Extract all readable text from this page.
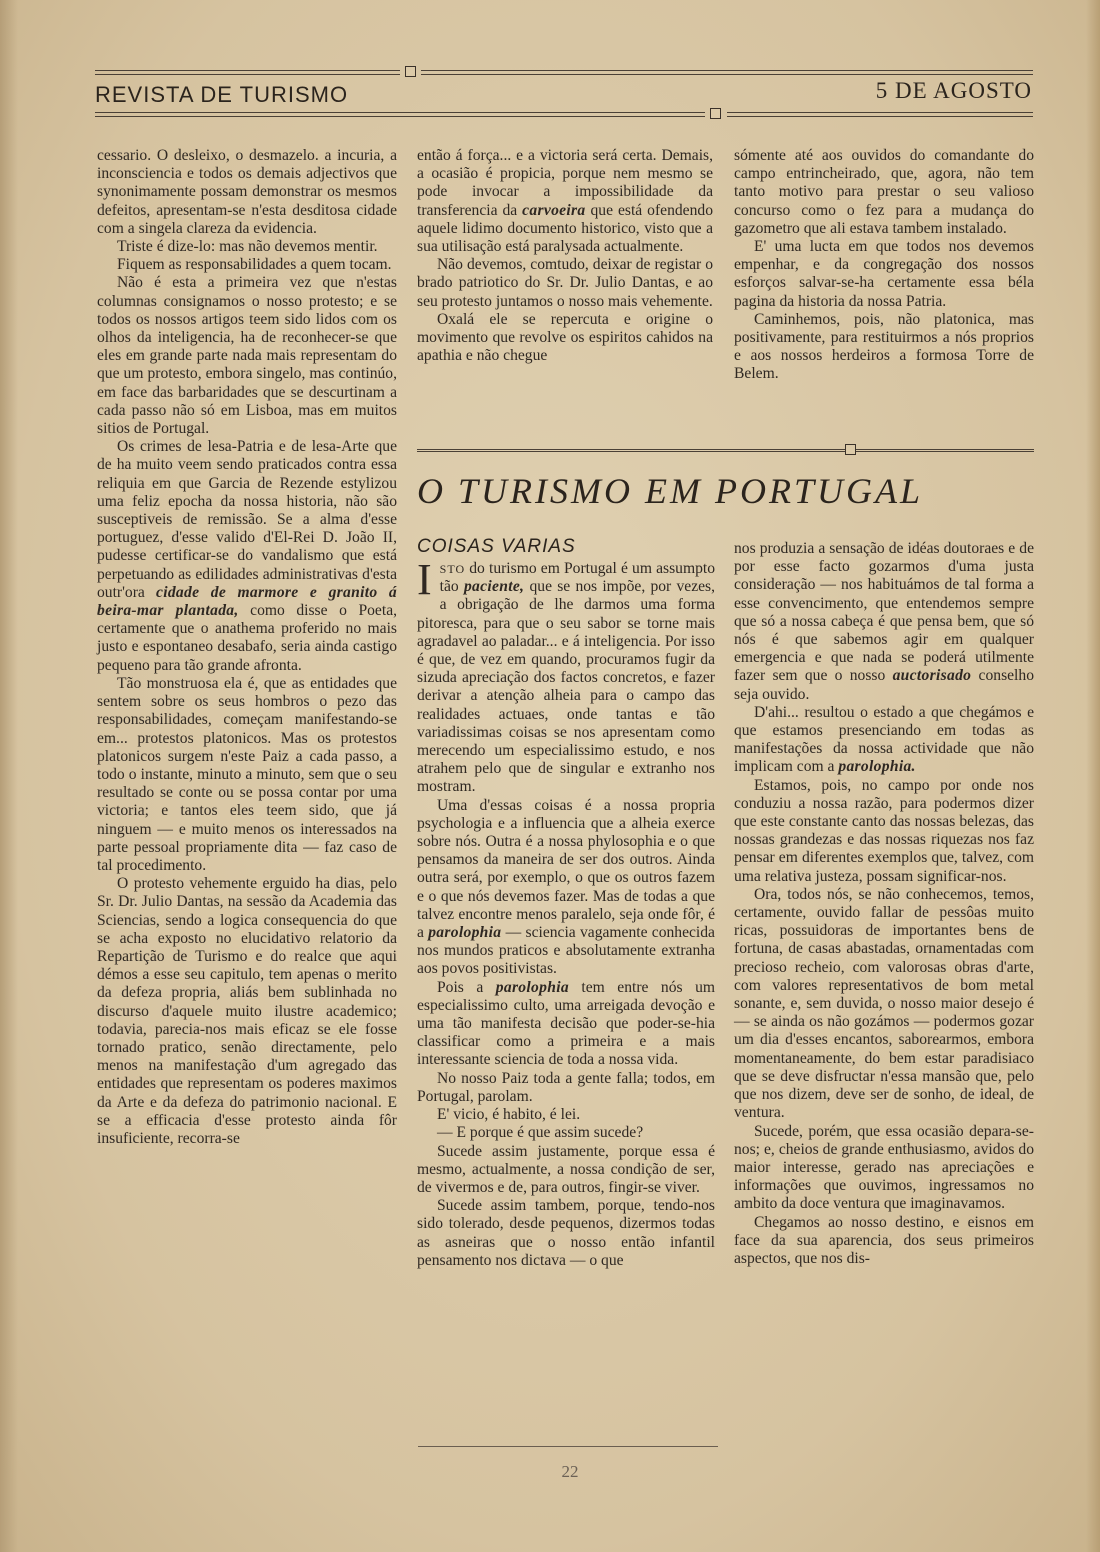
REVISTA DE TURISMO	5 DE AGOSTO

cessario. O desleixo, o desmazelo. a incuria, a inconsciencia e todos os demais adjectivos que synonimamente possam demonstrar os mesmos defeitos, apresentam-se n'esta desditosa cidade com a singela clareza da evidencia.

Triste é dize-lo: mas não devemos mentir.

Fiquem as responsabilidades a quem tocam.

Não é esta a primeira vez que n'estas columnas consignamos o nosso protesto; e se todos os nossos artigos teem sido lidos com os olhos da inteligencia, ha de reconhecer-se que eles em grande parte nada mais representam do que um protesto, embora singelo, mas continúo, em face das barbaridades que se descurtinam a cada passo não só em Lisboa, mas em muitos sitios de Portugal.

Os crimes de lesa-Patria e de lesa-Arte que de ha muito veem sendo praticados contra essa reliquia em que Garcia de Rezende estylizou uma feliz epocha da nossa historia, não são susceptiveis de remissão. Se a alma d'esse portuguez, d'esse valido d'El-Rei D. João II, pudesse certificar-se do vandalismo que está perpetuando as edilidades administrativas d'esta outr'ora cidade de marmore e granito á beira-mar plantada, como disse o Poeta, certamente que o anathema proferido no mais justo e espontaneo desabafo, seria ainda castigo pequeno para tão grande afronta.

Tão monstruosa ela é, que as entidades que sentem sobre os seus hombros o pezo das responsabilidades, começam manifestando-se em... protestos platonicos. Mas os protestos platonicos surgem n'este Paiz a cada passo, a todo o instante, minuto a minuto, sem que o seu resultado se conte ou se possa contar por uma victoria; e tantos eles teem sido, que já ninguem — e muito menos os interessados na parte pessoal propriamente dita — faz caso de tal procedimento.

O protesto vehemente erguido ha dias, pelo Sr. Dr. Julio Dantas, na sessão da Academia das Sciencias, sendo a logica consequencia do que se acha exposto no elucidativo relatorio da Repartição de Turismo e do realce que aqui démos a esse seu capitulo, tem apenas o merito da defeza propria, aliás bem sublinhada no discurso d'aquele muito ilustre academico; todavia, parecia-nos mais eficaz se ele fosse tornado pratico, senão directamente, pelo menos na manifestação d'um agregado das entidades que representam os poderes maximos da Arte e da defeza do patrimonio nacional. E se a efficacia d'esse protesto ainda fôr insuficiente, recorra-se

então á força... e a victoria será certa. Demais, a ocasião é propicia, porque nem mesmo se pode invocar a impossibilidade da transferencia da carvoeira que está ofendendo aquele lidimo documento historico, visto que a sua utilisação está paralysada actualmente.

Não devemos, comtudo, deixar de registar o brado patriotico do Sr. Dr. Julio Dantas, e ao seu protesto juntamos o nosso mais vehemente.

Oxalá ele se repercuta e origine o movimento que revolve os espiritos cahidos na apathia e não chegue

sómente até aos ouvidos do comandante do campo entrincheirado, que, agora, não tem tanto motivo para prestar o seu valioso concurso como o fez para a mudança do gazometro que ali estava tambem instalado.

E' uma lucta em que todos nos devemos empenhar, e da congregação dos nossos esforços salvar-se-ha certamente essa béla pagina da historia da nossa Patria.

Caminhemos, pois, não platonica, mas positivamente, para restituirmos a nós proprios e aos nossos herdeiros a formosa Torre de Belem.

O TURISMO EM PORTUGAL
COISAS VARIAS

ISTO do turismo em Portugal é um assumpto tão paciente, que se nos impõe, por vezes, a obrigação de lhe darmos uma forma pitoresca, para que o seu sabor se torne mais agradavel ao paladar... e á inteligencia. Por isso é que, de vez em quando, procuramos fugir da sizuda apreciação dos factos concretos, e fazer derivar a atenção alheia para o campo das realidades actuaes, onde tantas e tão variadissimas coisas se nos apresentam como merecendo um especialissimo estudo, e nos atrahem pelo que de singular e extranho nos mostram.

Uma d'essas coisas é a nossa propria psychologia e a influencia que a alheia exerce sobre nós. Outra é a nossa phylosophia e o que pensamos da maneira de ser dos outros. Ainda outra será, por exemplo, o que os outros fazem e o que nós devemos fazer. Mas de todas a que talvez encontre menos paralelo, seja onde fôr, é a parolophia — sciencia vagamente conhecida nos mundos praticos e absolutamente extranha aos povos positivistas.

Pois a parolophia tem entre nós um especialissimo culto, uma arreigada devoção e uma tão manifesta decisão que poder-se-hia classificar como a primeira e a mais interessante sciencia de toda a nossa vida.

No nosso Paiz toda a gente falla; todos, em Portugal, parolam.

E' vicio, é habito, é lei.

— E porque é que assim sucede?

Sucede assim justamente, porque essa é mesmo, actualmente, a nossa condição de ser, de vivermos e de, para outros, fingir-se viver.

Sucede assim tambem, porque, tendo-nos sido tolerado, desde pequenos, dizermos todas as asneiras que o nosso então infantil pensamento nos dictava — o que

nos produzia a sensação de idéas doutoraes e de por esse facto gozarmos d'uma justa consideração — nos habituámos de tal forma a esse convencimento, que entendemos sempre que só a nossa cabeça é que pensa bem, que só nós é que sabemos agir em qualquer emergencia e que nada se poderá utilmente fazer sem que o nosso auctorisado conselho seja ouvido.

D'ahi... resultou o estado a que chegámos e que estamos presenciando em todas as manifestações da nossa actividade que não implicam com a parolophia.

Estamos, pois, no campo por onde nos conduziu a nossa razão, para podermos dizer que este constante canto das nossas belezas, das nossas grandezas e das nossas riquezas nos faz pensar em diferentes exemplos que, talvez, com uma relativa justeza, possam significar-nos.

Ora, todos nós, se não conhecemos, temos, certamente, ouvido fallar de pessôas muito ricas, possuidoras de importantes bens de fortuna, de casas abastadas, ornamentadas com precioso recheio, com valorosas obras d'arte, com valores representativos de bom metal sonante, e, sem duvida, o nosso maior desejo é — se ainda os não gozámos — podermos gozar um dia d'esses encantos, saborearmos, embora momentaneamente, do bem estar paradisiaco que se deve disfructar n'essa mansão que, pelo que nos dizem, deve ser de sonho, de ideal, de ventura.

Sucede, porém, que essa ocasião depara-se-nos; e, cheios de grande enthusiasmo, avidos do maior interesse, gerado nas apreciações e informações que ouvimos, ingressamos no ambito da doce ventura que imaginavamos.

Chegamos ao nosso destino, e eisnos em face da sua aparencia, dos seus primeiros aspectos, que nos dis-

22
